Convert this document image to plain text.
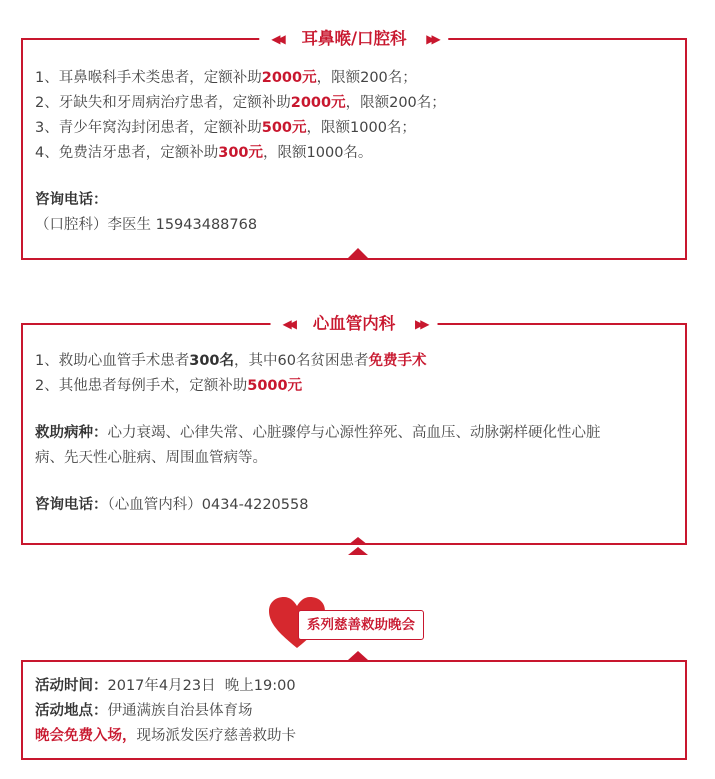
◀◀ 耳鼻喉/口腔科 ▶▶
1、耳鼻喉科手术类患者，定额补助2000元，限额200名；
2、牙缺失和牙周病治疗患者，定额补助2000元，限额200名；
3、青少年窝沟封闭患者，定额补助500元，限额1000名；
4、免费洁牙患者，定额补助300元，限额1000名。
咨询电话：
（口腔科）李医生 15943488768
◀◀ 心血管内科 ▶▶
1、救助心血管手术患者300名，其中60名贫困患者免费手术
2、其他患者每例手术，定额补助5000元
救助病种：心力衰竭、心律失常、心脏骤停与心源性猝死、高血压、动脉粥样硬化性心脏
病、先天性心脏病、周围血管病等。
咨询电话：（心血管内科）0434-4220558
系列慈善救助晚会
活动时间：2017年4月23日  晚上19:00
活动地点：伊通满族自治县体育场
晚会免费入场，现场派发医疗慈善救助卡
